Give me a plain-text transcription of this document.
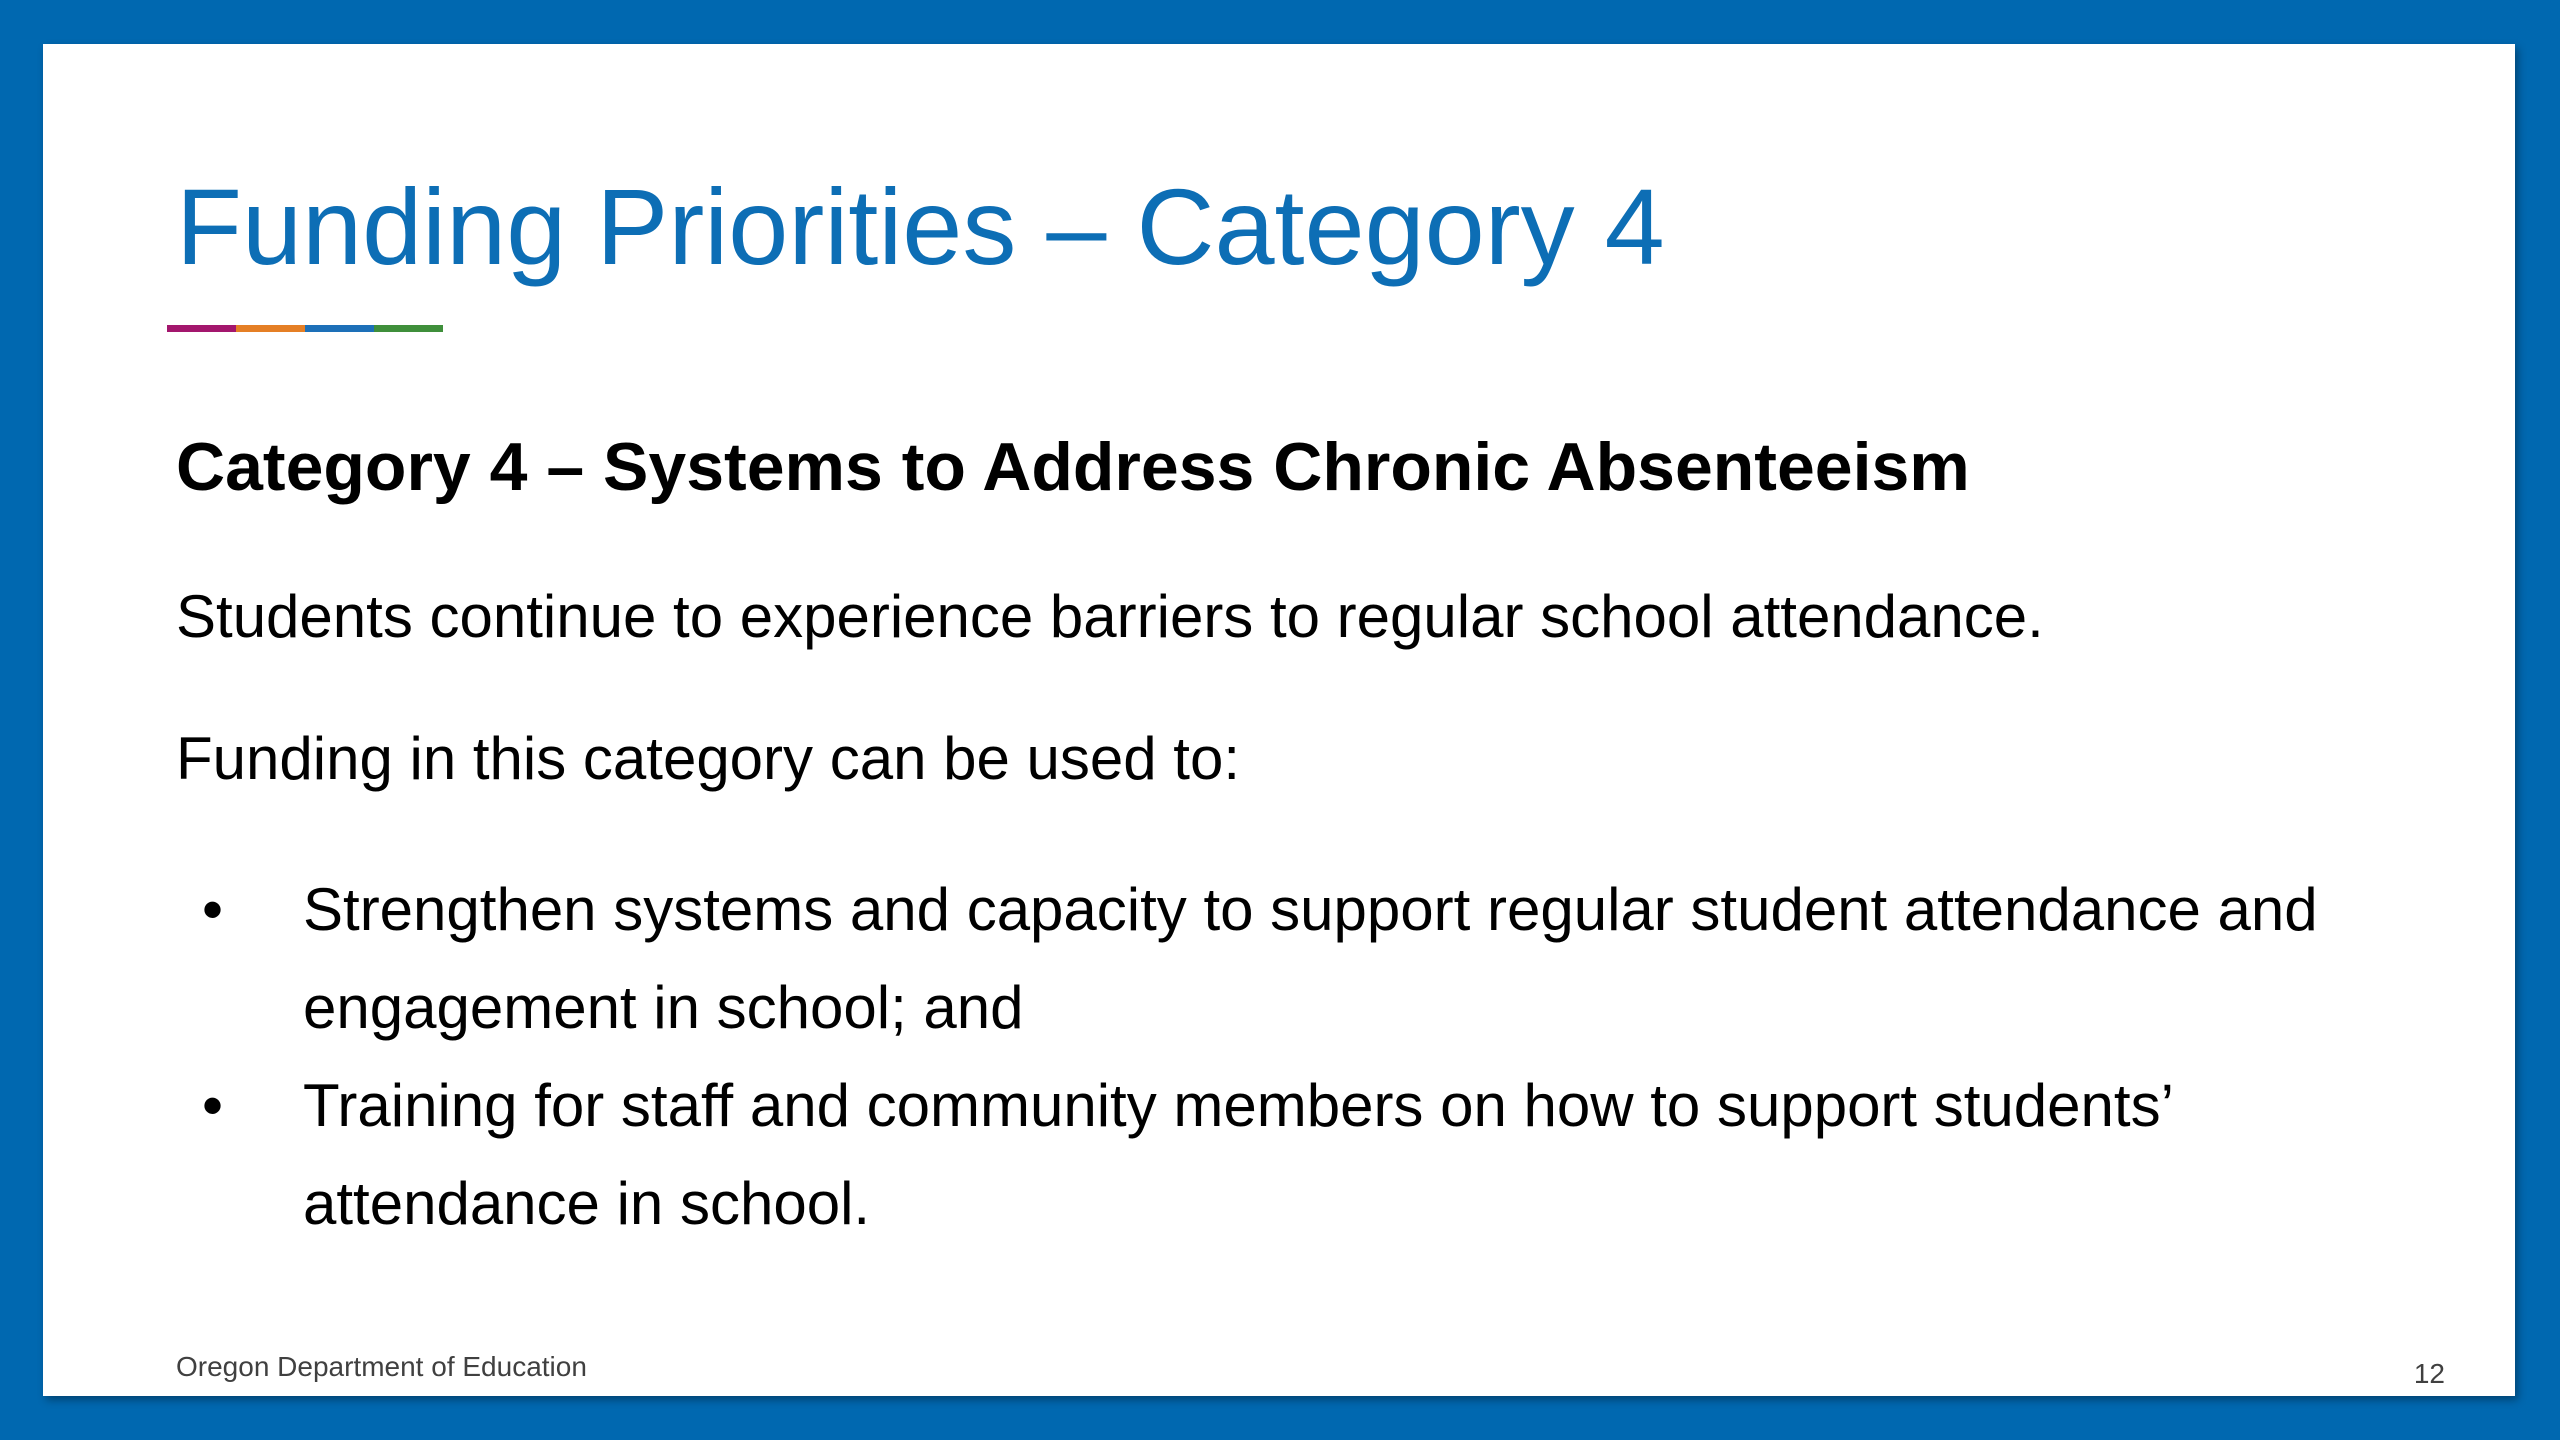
Funding Priorities – Category 4
Category 4 – Systems to Address Chronic Absenteeism

Students continue to experience barriers to regular school attendance.

Funding in this category can be used to:

• Strengthen systems and capacity to support regular student attendance and engagement in school; and
• Training for staff and community members on how to support students’ attendance in school.
Oregon Department of Education	12
